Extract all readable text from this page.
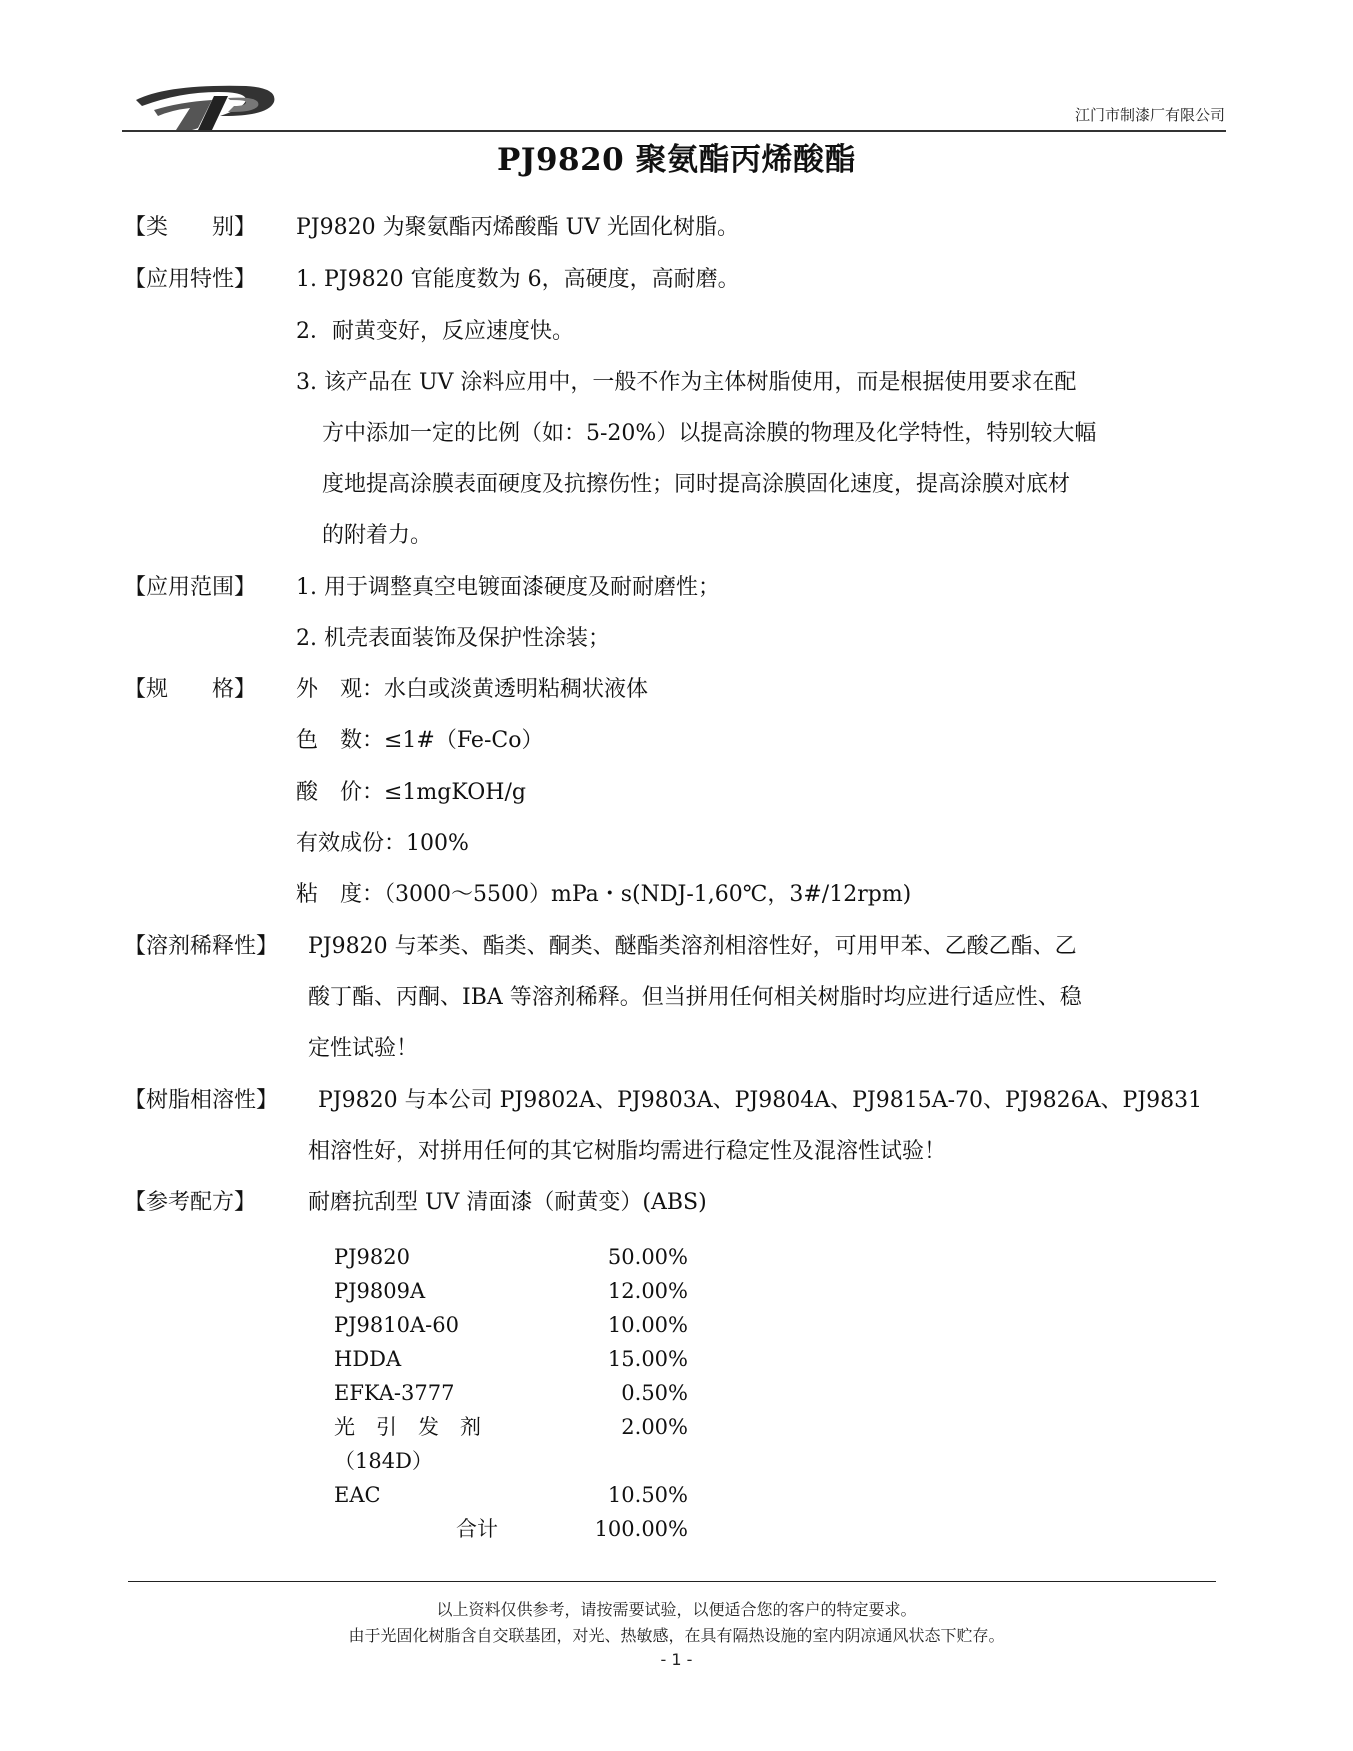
江门市制漆厂有限公司
PJ9820 聚氨酯丙烯酸酯
【类　　别】 PJ9820 为聚氨酯丙烯酸酯 UV 光固化树脂。
【应用特性】 1. PJ9820 官能度数为 6，高硬度，高耐磨。
2．耐黄变好，反应速度快。
3. 该产品在 UV 涂料应用中，一般不作为主体树脂使用，而是根据使用要求在配
方中添加一定的比例（如：5-20%）以提高涂膜的物理及化学特性，特别较大幅
度地提高涂膜表面硬度及抗擦伤性；同时提高涂膜固化速度，提高涂膜对底材
的附着力。
【应用范围】 1. 用于调整真空电镀面漆硬度及耐耐磨性；
2. 机壳表面装饰及保护性涂装；
【规　　格】 外　观：水白或淡黄透明粘稠状液体
色　数：≤1#（Fe-Co）
酸　价：≤1mgKOH/g
有效成份：100%
粘　度：（3000～5500）mPa・s(NDJ-1,60℃，3#/12rpm)
【溶剂稀释性】 PJ9820 与苯类、酯类、酮类、醚酯类溶剂相溶性好，可用甲苯、乙酸乙酯、乙
酸丁酯、丙酮、IBA 等溶剂稀释。但当拼用任何相关树脂时均应进行适应性、稳
定性试验！
【树脂相溶性】 PJ9820 与本公司 PJ9802A、PJ9803A、PJ9804A、PJ9815A-70、PJ9826A、PJ9831
相溶性好，对拼用任何的其它树脂均需进行稳定性及混溶性试验！
【参考配方】 耐磨抗刮型 UV 清面漆（耐黄变）(ABS)
PJ9820	50.00%
PJ9809A	12.00%
PJ9810A-60	10.00%
HDDA	15.00%
EFKA-3777	0.50%
光　引　发　剂	2.00%
（184D）
EAC	10.50%
合计	100.00%
以上资料仅供参考，请按需要试验，以便适合您的客户的特定要求。
由于光固化树脂含自交联基团，对光、热敏感，在具有隔热设施的室内阴凉通风状态下贮存。
- 1 -
